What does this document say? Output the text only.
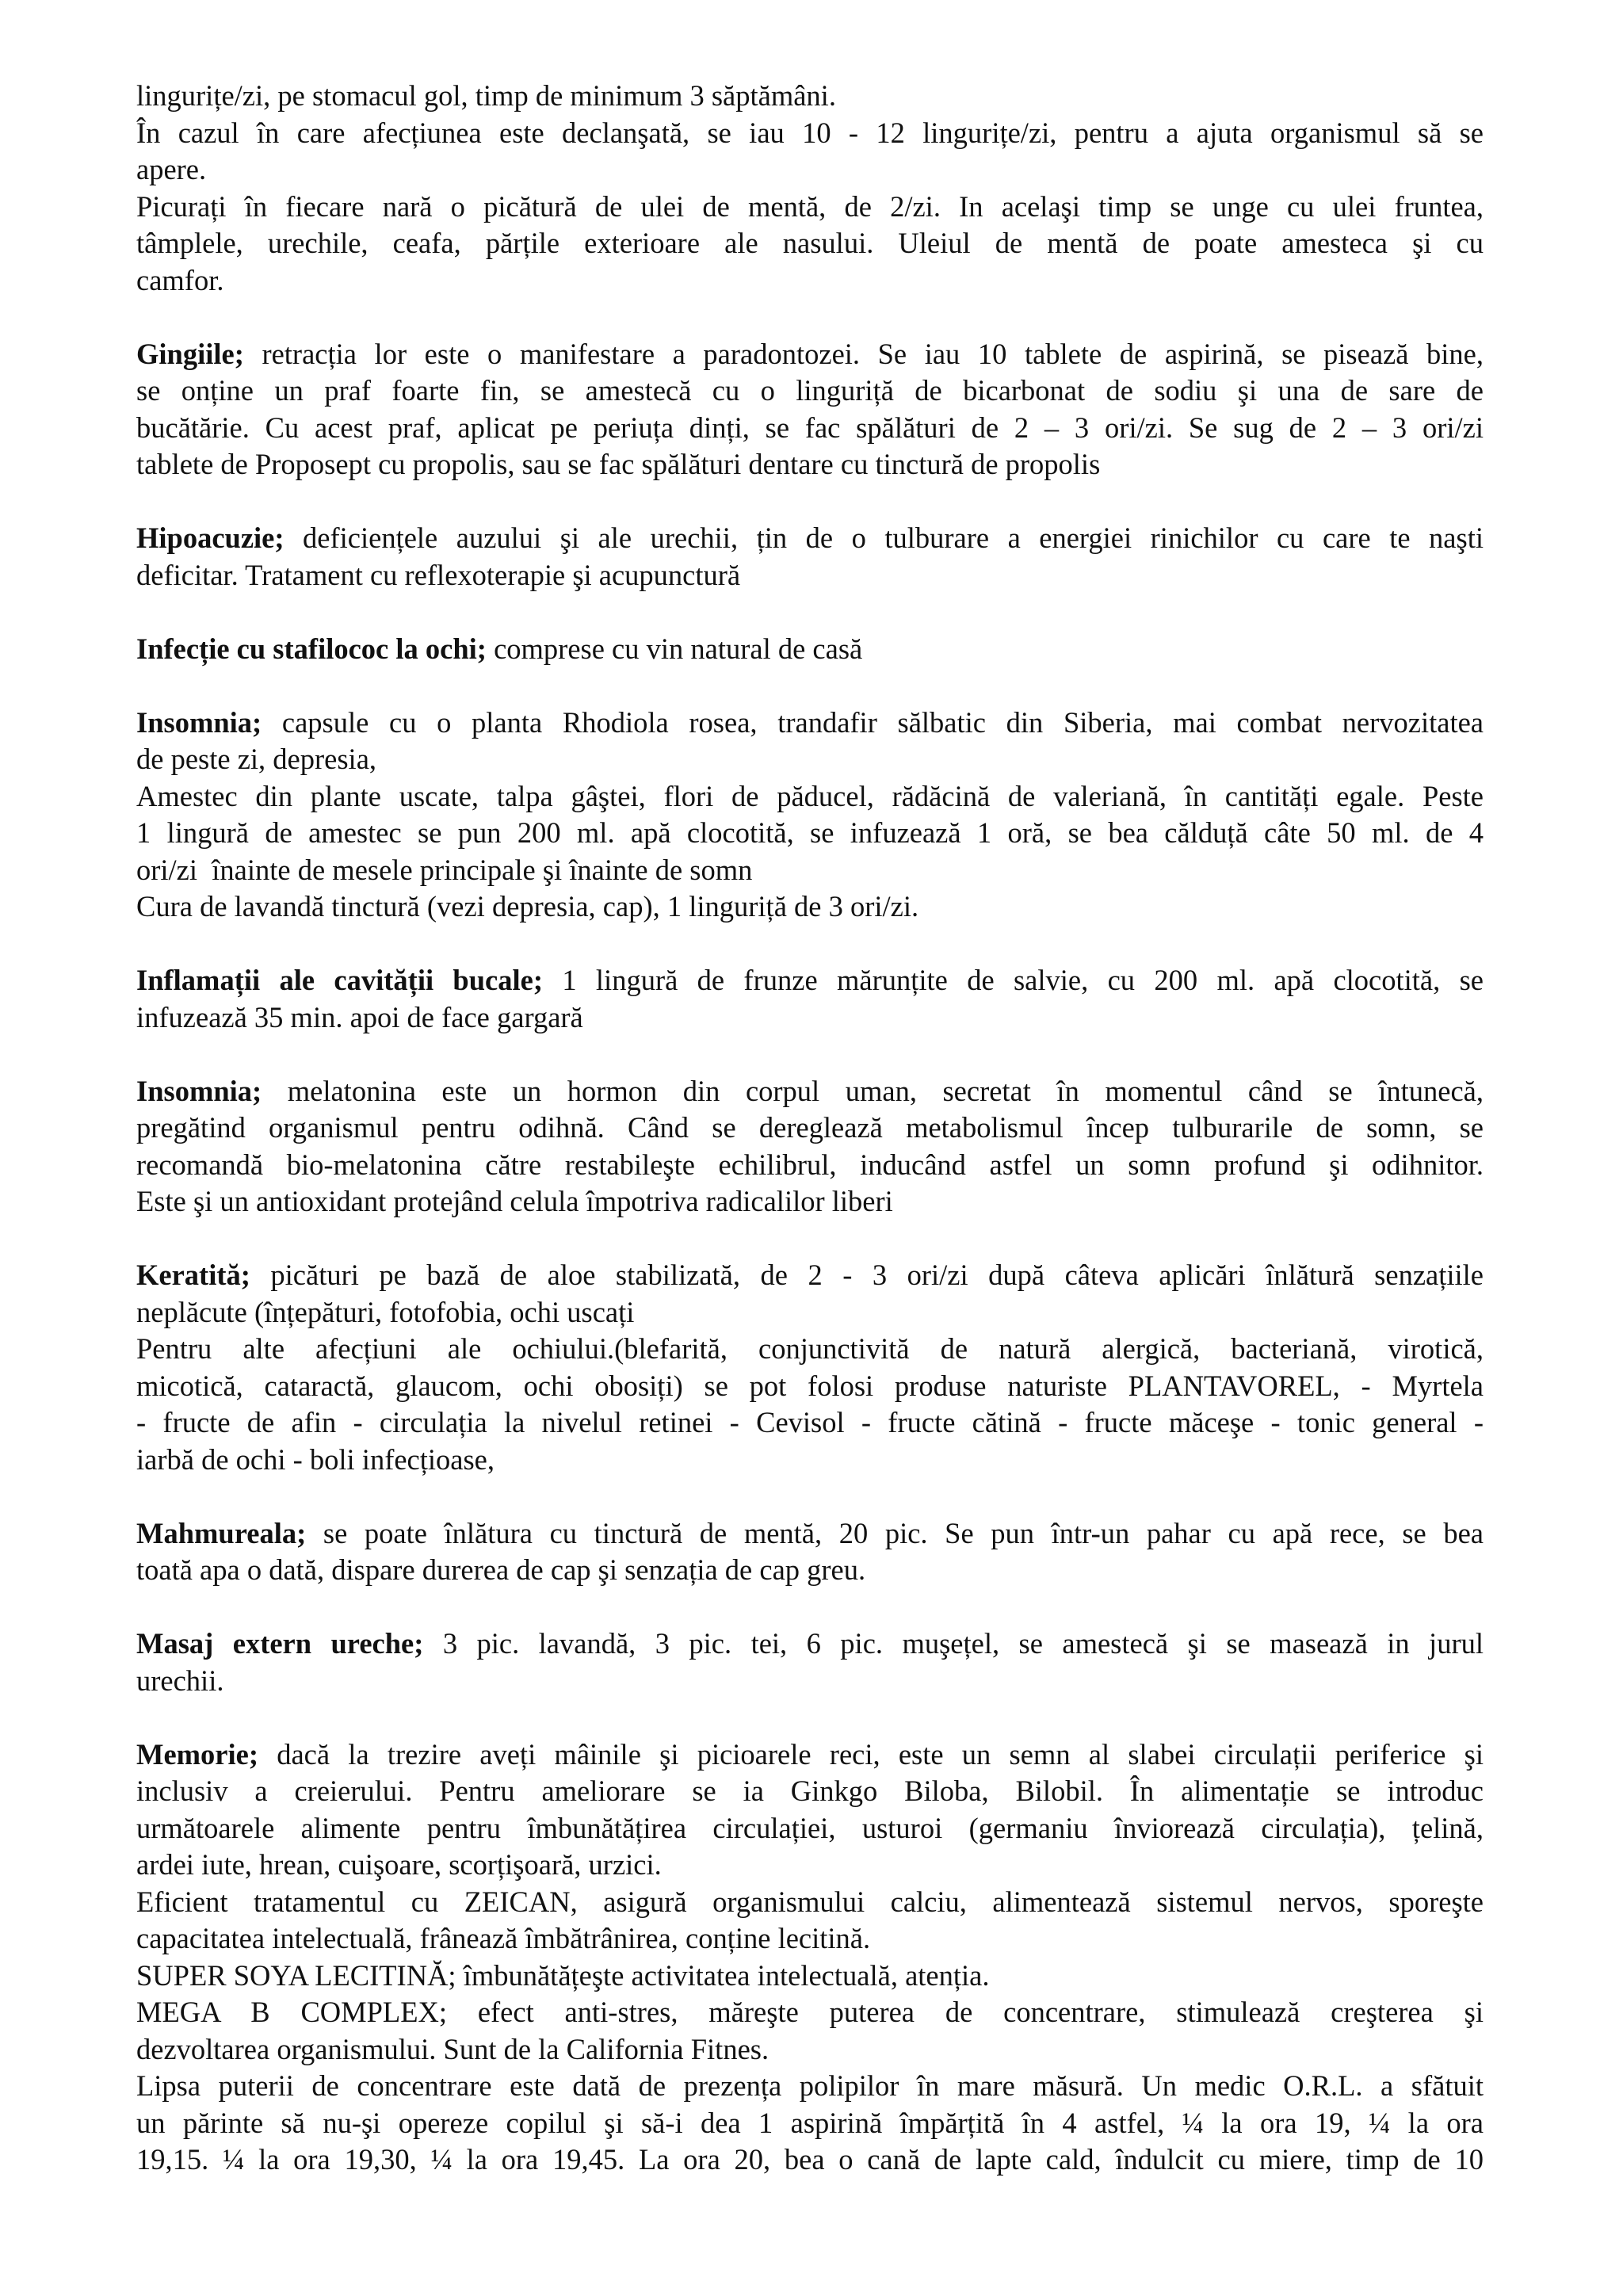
lingurițe/zi, pe stomacul gol, timp de minimum 3 săptămâni.
În cazul în care afecțiunea este declanşată, se iau 10 - 12 lingurițe/zi, pentru a ajuta organismul să se
apere.
Picurați în fiecare nară o picătură de ulei de mentă, de 2/zi. In acelaşi timp se unge cu ulei fruntea,
tâmplele, urechile, ceafa, părțile exterioare ale nasului. Uleiul de mentă de poate amesteca şi cu
camfor.
Gingiile; retracția lor este o manifestare a paradontozei. Se iau 10 tablete de aspirină, se pisează bine,
se onține un praf foarte fin, se amestecă cu o linguriță de bicarbonat de sodiu şi una de sare de
bucătărie. Cu acest praf, aplicat pe periuța dinți, se fac spălături de 2 – 3 ori/zi. Se sug de 2 – 3 ori/zi
tablete de Proposept cu propolis, sau se fac spălături dentare cu tinctură de propolis
Hipoacuzie; deficiențele auzului şi ale urechii, țin de o tulburare a energiei rinichilor cu care te naşti
deficitar. Tratament cu reflexoterapie şi acupunctură
Infecție cu stafilococ la ochi; comprese cu vin natural de casă
Insomnia; capsule cu o planta Rhodiola rosea, trandafir sălbatic din Siberia, mai combat nervozitatea
de peste zi, depresia,
Amestec din plante uscate, talpa gâştei, flori de păducel, rădăcină de valeriană, în cantități egale. Peste
1 lingură de amestec se pun 200 ml. apă clocotită, se infuzează 1 oră, se bea călduță câte 50 ml. de 4
ori/zi  înainte de mesele principale şi înainte de somn
Cura de lavandă tinctură (vezi depresia, cap), 1 linguriță de 3 ori/zi.
Inflamații ale cavității bucale; 1 lingură de frunze mărunțite de salvie, cu 200 ml. apă clocotită, se
infuzează 35 min. apoi de face gargară
Insomnia; melatonina este un hormon din corpul uman, secretat în momentul când se întunecă,
pregătind organismul pentru odihnă. Când se dereglează metabolismul încep tulburarile de somn, se
recomandă bio-melatonina către restabileşte echilibrul, inducând astfel un somn profund şi odihnitor.
Este şi un antioxidant protejând celula împotriva radicalilor liberi
Keratită; picături pe bază de aloe stabilizată, de 2 - 3 ori/zi după câteva aplicări înlătură senzațiile
neplăcute (înțepături, fotofobia, ochi uscați
Pentru alte afecțiuni ale ochiului.(blefarită, conjunctivită de natură alergică, bacteriană, virotică,
micotică, cataractă, glaucom, ochi obosiți) se pot folosi produse naturiste PLANTAVOREL, - Myrtela
- fructe de afin - circulația la nivelul retinei - Cevisol - fructe cătină - fructe măceşe - tonic general -
iarbă de ochi - boli infecțioase,
Mahmureala; se poate înlătura cu tinctură de mentă, 20 pic. Se pun într-un pahar cu apă rece, se bea
toată apa o dată, dispare durerea de cap şi senzația de cap greu.
Masaj extern ureche; 3 pic. lavandă, 3 pic. tei, 6 pic. muşețel, se amestecă şi se masează in jurul
urechii.
Memorie; dacă la trezire aveți mâinile şi picioarele reci, este un semn al slabei circulații periferice şi
inclusiv a creierului. Pentru ameliorare se ia Ginkgo Biloba, Bilobil. În alimentație se introduc
următoarele alimente pentru îmbunătățirea circulației, usturoi (germaniu înviorează circulația), țelină,
ardei iute, hrean, cuişoare, scorțişoară, urzici.
Eficient tratamentul cu ZEICAN, asigură organismului calciu, alimentează sistemul nervos, sporeşte
capacitatea intelectuală, frânează îmbătrânirea, conține lecitină.
SUPER SOYA LECITINĂ; îmbunătățeşte activitatea intelectuală, atenția.
MEGA B COMPLEX; efect anti-stres, măreşte puterea de concentrare, stimulează creşterea şi
dezvoltarea organismului. Sunt de la California Fitnes.
Lipsa puterii de concentrare este dată de prezența polipilor în mare măsură. Un medic O.R.L. a sfătuit
un părinte să nu-şi opereze copilul şi să-i dea 1 aspirină împărțită în 4 astfel, ¼ la ora 19, ¼ la ora
19,15. ¼ la ora 19,30, ¼ la ora 19,45. La ora 20, bea o cană de lapte cald, îndulcit cu miere, timp de 10
